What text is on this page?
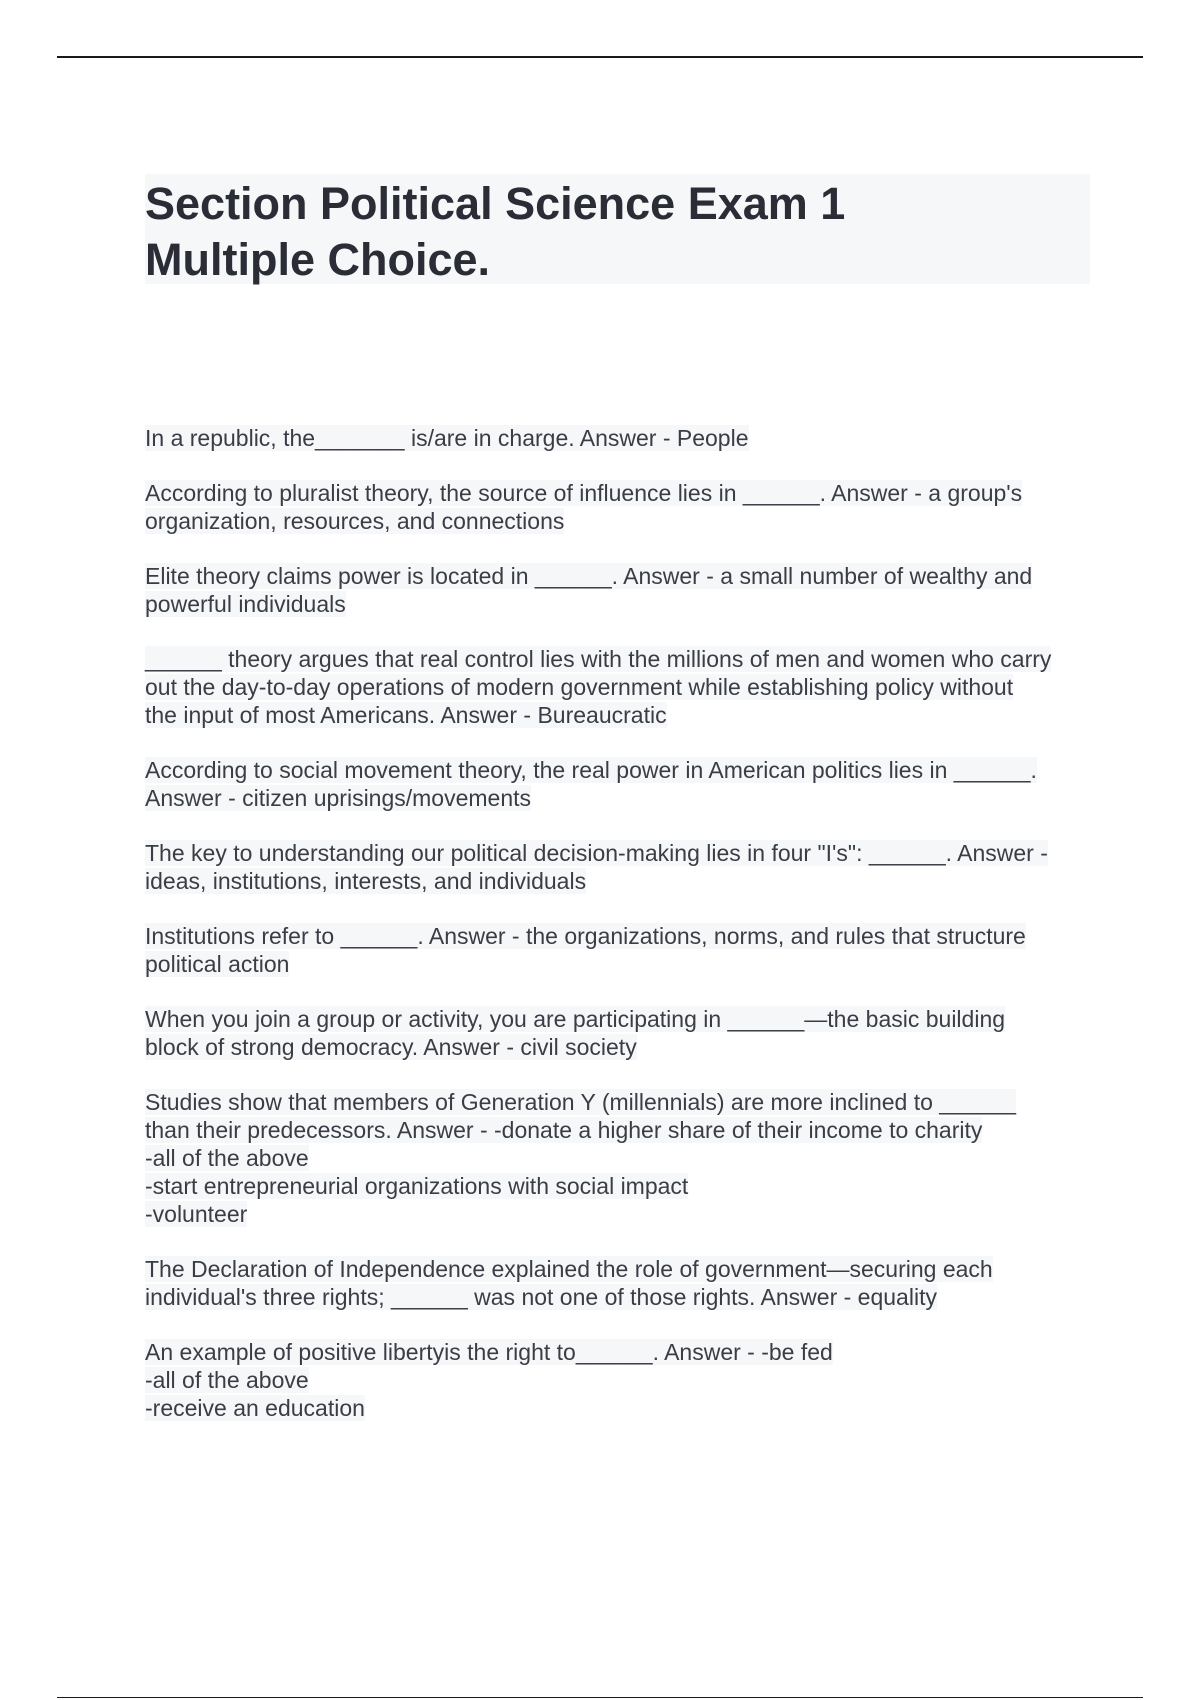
Section Political Science Exam 1
Multiple Choice.
In a republic, the_______ is/are in charge. Answer - People
According to pluralist theory, the source of influence lies in ______. Answer - a group's
organization, resources, and connections
Elite theory claims power is located in ______. Answer - a small number of wealthy and
powerful individuals
______ theory argues that real control lies with the millions of men and women who carry
out the day-to-day operations of modern government while establishing policy without
the input of most Americans. Answer - Bureaucratic
According to social movement theory, the real power in American politics lies in ______.
Answer - citizen uprisings/movements
The key to understanding our political decision-making lies in four "I's": ______. Answer -
ideas, institutions, interests, and individuals
Institutions refer to ______. Answer - the organizations, norms, and rules that structure
political action
When you join a group or activity, you are participating in ______—the basic building
block of strong democracy. Answer - civil society
Studies show that members of Generation Y (millennials) are more inclined to ______
than their predecessors. Answer - -donate a higher share of their income to charity
-all of the above
-start entrepreneurial organizations with social impact
-volunteer
The Declaration of Independence explained the role of government—securing each
individual's three rights; ______ was not one of those rights. Answer - equality
An example of positive libertyis the right to______. Answer - -be fed
-all of the above
-receive an education
